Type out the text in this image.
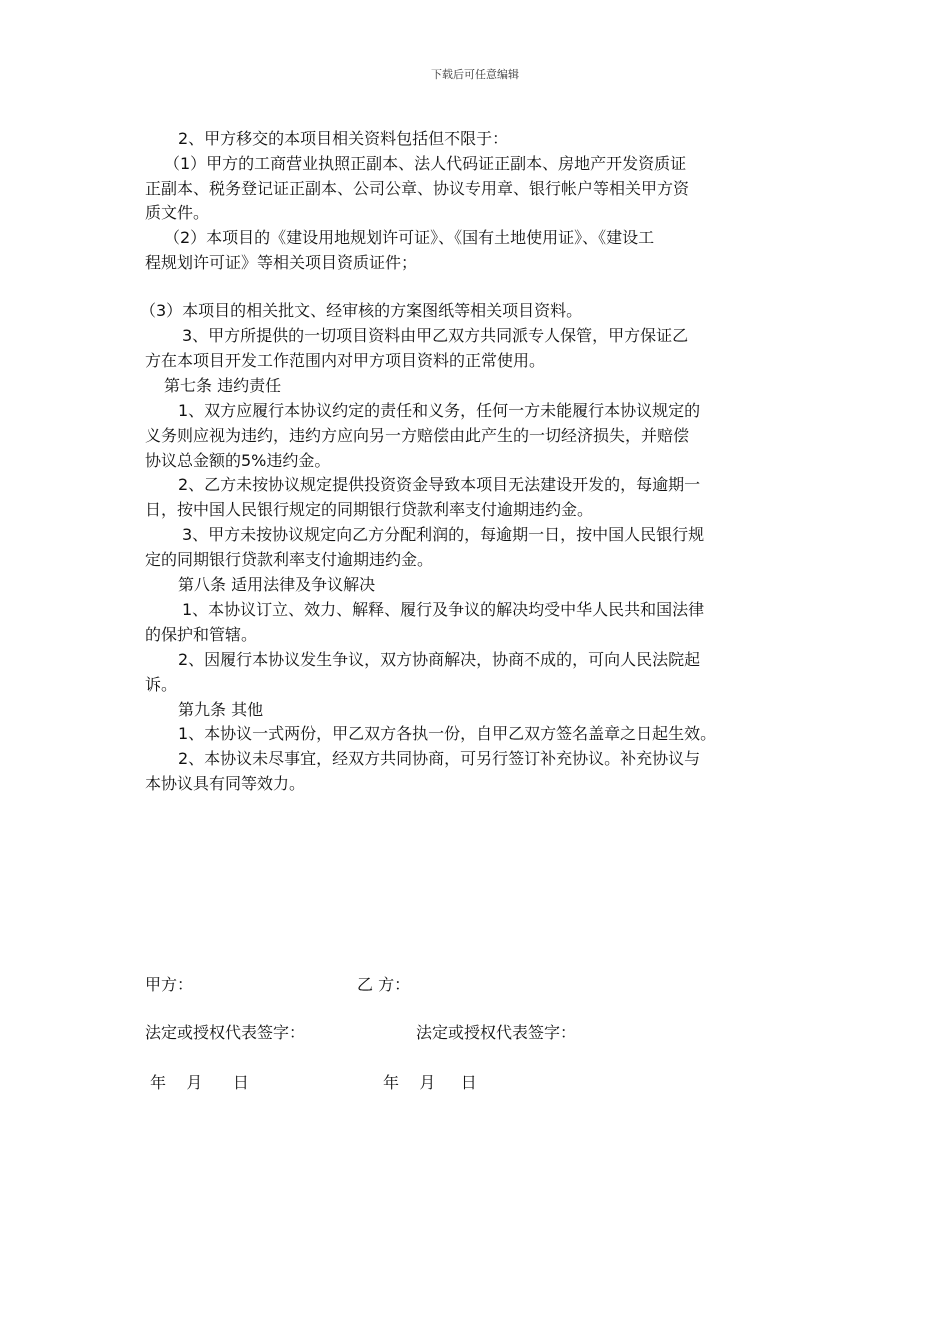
下载后可任意编辑
2、甲方移交的本项目相关资料包括但不限于：
（1）甲方的工商营业执照正副本、法人代码证正副本、房地产开发资质证
正副本、税务登记证正副本、公司公章、协议专用章、银行帐户等相关甲方资
质文件。
（2）本项目的《建设用地规划许可证》、《国有土地使用证》、《建设工
程规划许可证》等相关项目资质证件；
（3）本项目的相关批文、经审核的方案图纸等相关项目资料。
3、甲方所提供的一切项目资料由甲乙双方共同派专人保管，甲方保证乙
方在本项目开发工作范围内对甲方项目资料的正常使用。
第七条 违约责任
1、双方应履行本协议约定的责任和义务，任何一方未能履行本协议规定的
义务则应视为违约，违约方应向另一方赔偿由此产生的一切经济损失，并赔偿
协议总金额的5%违约金。
2、乙方未按协议规定提供投资资金导致本项目无法建设开发的，每逾期一
日，按中国人民银行规定的同期银行贷款利率支付逾期违约金。
3、甲方未按协议规定向乙方分配利润的，每逾期一日，按中国人民银行规
定的同期银行贷款利率支付逾期违约金。
第八条 适用法律及争议解决
1、本协议订立、效力、解释、履行及争议的解决均受中华人民共和国法律
的保护和管辖。
2、因履行本协议发生争议，双方协商解决，协商不成的，可向人民法院起
诉。
第九条 其他
1、本协议一式两份，甲乙双方各执一份，自甲乙双方签名盖章之日起生效。
2、本协议未尽事宜，经双方共同协商，可另行签订补充协议。补充协议与
本协议具有同等效力。
甲方：	乙 方：
法定或授权代表签字：	法定或授权代表签字：
年    月      日	年    月     日
